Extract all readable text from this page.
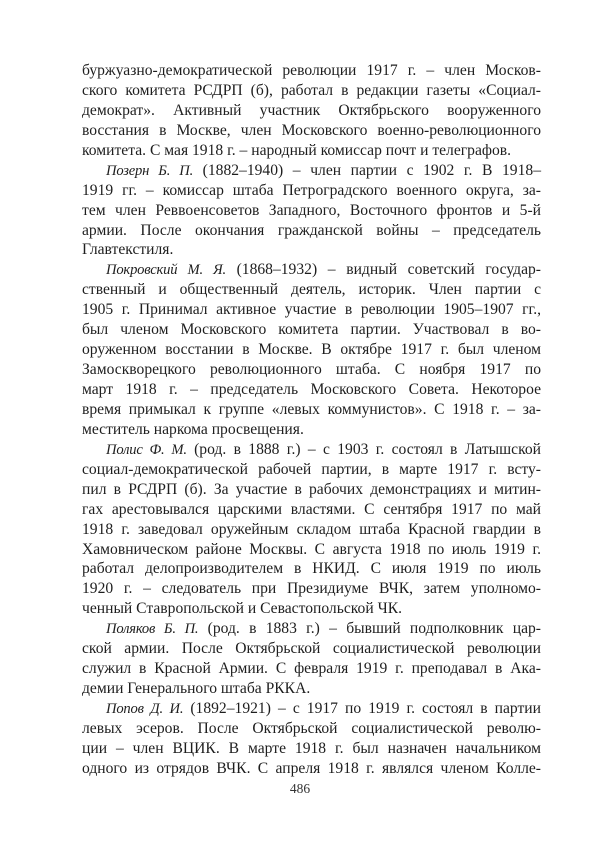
буржуазно-демократической революции 1917 г. – член Москов-
ского комитета РСДРП (б), работал в редакции газеты «Социал-
демократ». Активный участник Октябрьского вооруженного
восстания в Москве, член Московского военно-революционного
комитета. С мая 1918 г. – народный комиссар почт и телеграфов.
Позерн Б. П. (1882–1940) – член партии с 1902 г. В 1918–
1919 гг. – комиссар штаба Петроградского военного округа, за-
тем член Реввоенсоветов Западного, Восточного фронтов и 5-й
армии. После окончания гражданской войны – председатель
Главтекстиля.
Покровский М. Я. (1868–1932) – видный советский государ-
ственный и общественный деятель, историк. Член партии с
1905 г. Принимал активное участие в революции 1905–1907 гг.,
был членом Московского комитета партии. Участвовал в во-
оруженном восстании в Москве. В октябре 1917 г. был членом
Замоскворецкого революционного штаба. С ноября 1917 по
март 1918 г. – председатель Московского Совета. Некоторое
время примыкал к группе «левых коммунистов». С 1918 г. – за-
меститель наркома просвещения.
Полис Ф. М. (род. в 1888 г.) – с 1903 г. состоял в Латышской
социал-демократической рабочей партии, в марте 1917 г. всту-
пил в РСДРП (б). За участие в рабочих демонстрациях и митин-
гах арестовывался царскими властями. С сентября 1917 по май
1918 г. заведовал оружейным складом штаба Красной гвардии в
Хамовническом районе Москвы. С августа 1918 по июль 1919 г.
работал делопроизводителем в НКИД. С июля 1919 по июль
1920 г. – следователь при Президиуме ВЧК, затем уполномо-
ченный Ставропольской и Севастопольской ЧК.
Поляков Б. П. (род. в 1883 г.) – бывший подполковник цар-
ской армии. После Октябрьской социалистической революции
служил в Красной Армии. С февраля 1919 г. преподавал в Ака-
демии Генерального штаба РККА.
Попов Д. И. (1892–1921) – с 1917 по 1919 г. состоял в партии
левых эсеров. После Октябрьской социалистической револю-
ции – член ВЦИК. В марте 1918 г. был назначен начальником
одного из отрядов ВЧК. С апреля 1918 г. являлся членом Колле-
486
